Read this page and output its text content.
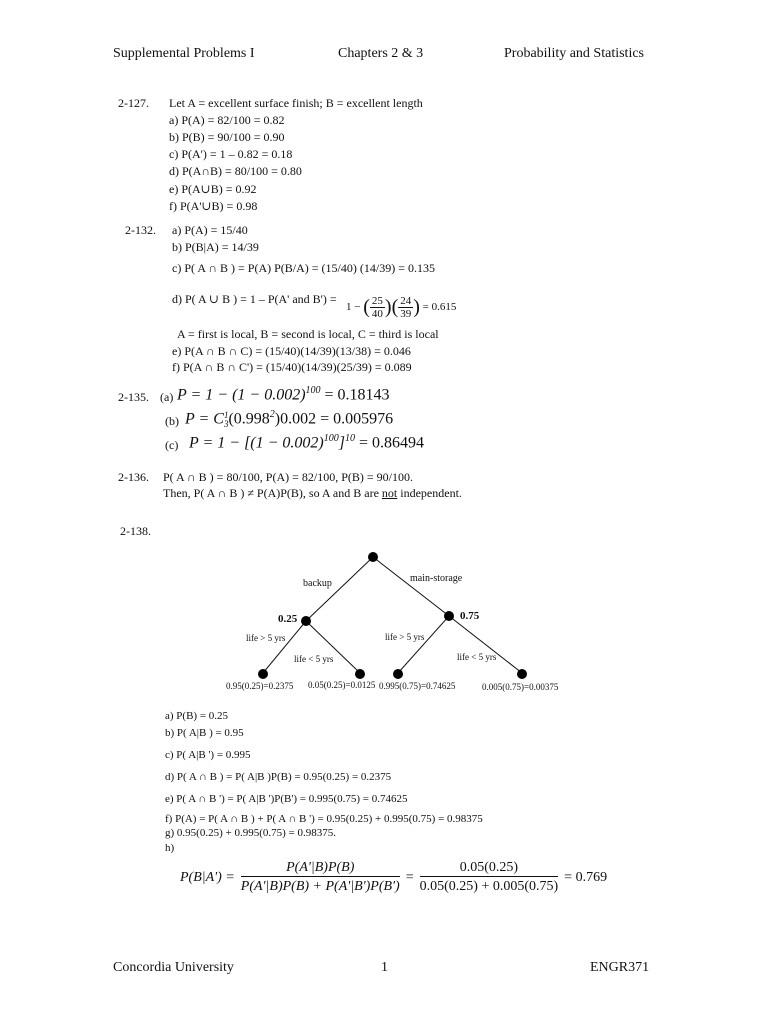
Supplemental Problems I	Chapters 2 & 3	Probability and Statistics
2-127. Let A = excellent surface finish; B = excellent length
a) P(A) = 82/100 = 0.82
b) P(B) = 90/100 = 0.90
c) P(A') = 1 – 0.82 = 0.18
d) P(A∩B) = 80/100 = 0.80
e) P(A∪B) = 0.92
f) P(A'∪B) = 0.98
2-132. a) P(A) = 15/40
b) P(B|A) = 14/39
c) P( A ∩ B ) = P(A) P(B/A) = (15/40) (14/39) = 0.135
d) P( A ∪ B ) = 1 – P(A' and B') =
1 − ( $\frac{25}{40}$ )( $\frac{24}{39}$ ) = 0.615
A = first is local, B = second is local, C = third is local
e) P(A ∩ B ∩ C) = (15/40)(14/39)(13/38) = 0.046
f) P(A ∩ B ∩ C') = (15/40)(14/39)(25/39) = 0.089
2-135. (a) $P = 1 - (1 - 0.002)^{100} = 0.18143$
(b) P = C 1
3 $(0.998^2)0.002 = 0.005976$
(c) $P = 1 - [(1 - 0.002)^{100}]^{10} = 0.86494$
2-136. P( A ∩ B ) = 80/100, P(A) = 82/100, P(B) = 90/100.
Then, P( A ∩ B ) ≠ P(A)P(B), so A and B are not independent.
2-138.
backup	main-storage
0.25	0.75
life > 5 yrs
life < 5 yrs
life > 5 yrs
life < 5 yrs
0.95(0.25)=0.2375 0.05(0.25)=0.0125 0.995(0.75)=0.74625	0.005(0.75)=0.00375
a) P(B) = 0.25
b) P( A|B ) = 0.95
c) P( A|B ') = 0.995
d) P( A ∩ B ) = P( A|B )P(B) = 0.95(0.25) = 0.2375
e) P( A ∩ B ') = P( A|B ')P(B') = 0.995(0.75) = 0.74625
f) P(A) = P( A ∩ B ) + P( A ∩ B ') = 0.95(0.25) + 0.995(0.75) = 0.98375
g) 0.95(0.25) + 0.995(0.75) = 0.98375.
h)
$P(B|A') = \frac{P(A'|B)P(B)}{P(A'|B)P(B) + P(A'|B')P(B')} = \frac{0.05(0.25)}{0.05(0.25) + 0.005(0.75)} = 0.769$
Concordia University	1	ENGR371
